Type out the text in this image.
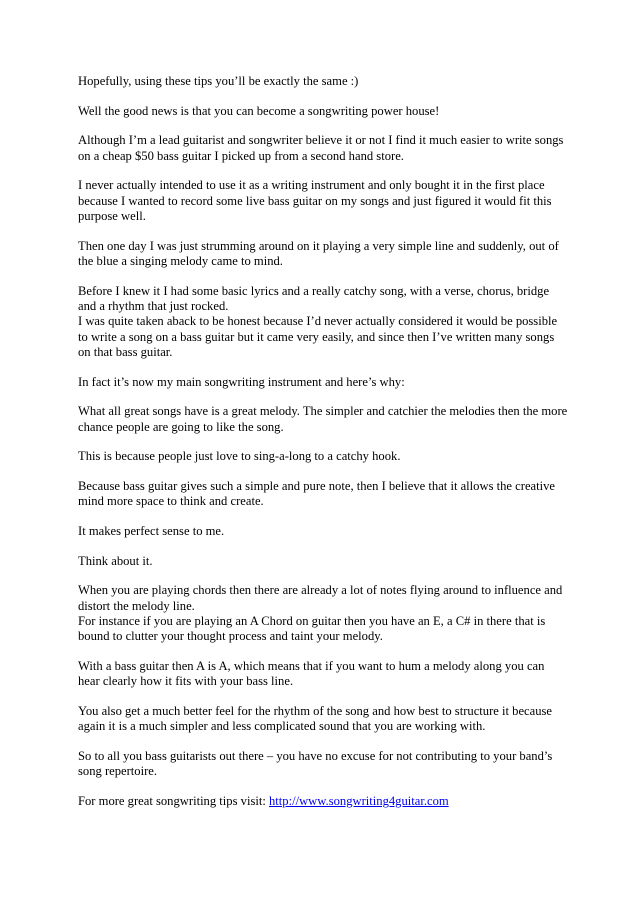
Hopefully, using these tips you’ll be exactly the same :)

Well the good news is that you can become a songwriting power house!

Although I’m a lead guitarist and songwriter believe it or not I find it much easier to write songs on a cheap $50 bass guitar I picked up from a second hand store.

I never actually intended to use it as a writing instrument and only bought it in the first place because I wanted to record some live bass guitar on my songs and just figured it would fit this purpose well.

Then one day I was just strumming around on it playing a very simple line and suddenly, out of the blue a singing melody came to mind.

Before I knew it I had some basic lyrics and a really catchy song, with a verse, chorus, bridge and a rhythm that just rocked.
I was quite taken aback to be honest because I’d never actually considered it would be possible to write a song on a bass guitar but it came very easily, and since then I’ve written many songs on that bass guitar.

In fact it’s now my main songwriting instrument and here’s why:

What all great songs have is a great melody. The simpler and catchier the melodies then the more chance people are going to like the song.

This is because people just love to sing-a-long to a catchy hook.

Because bass guitar gives such a simple and pure note, then I believe that it allows the creative mind more space to think and create.

It makes perfect sense to me.

Think about it.

When you are playing chords then there are already a lot of notes flying around to influence and distort the melody line.
For instance if you are playing an A Chord on guitar then you have an E, a C# in there that is bound to clutter your thought process and taint your melody.

With a bass guitar then A is A, which means that if you want to hum a melody along you can hear clearly how it fits with your bass line.

You also get a much better feel for the rhythm of the song and how best to structure it because again it is a much simpler and less complicated sound that you are working with.

So to all you bass guitarists out there – you have no excuse for not contributing to your band’s song repertoire.

For more great songwriting tips visit: http://www.songwriting4guitar.com
